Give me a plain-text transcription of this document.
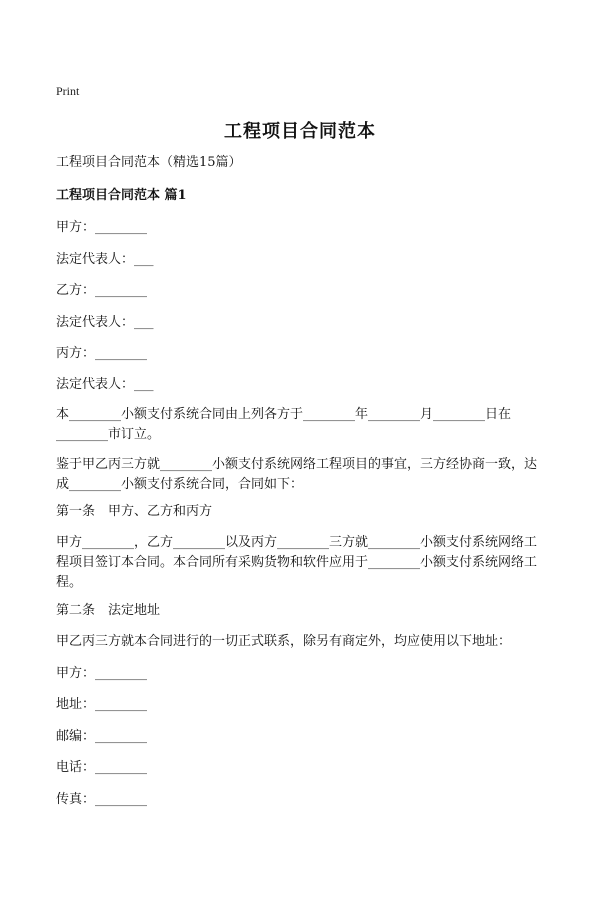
Print
工程项目合同范本
工程项目合同范本（精选15篇）
工程项目合同范本 篇1
甲方：________
法定代表人：___
乙方：________
法定代表人：___
丙方：________
法定代表人：___
本________小额支付系统合同由上列各方于________年________月________日在________市订立。
鉴于甲乙丙三方就________小额支付系统网络工程项目的事宜，三方经协商一致，达成________小额支付系统合同，合同如下：
第一条　甲方、乙方和丙方
甲方________，乙方________以及丙方________三方就________小额支付系统网络工程项目签订本合同。本合同所有采购货物和软件应用于________小额支付系统网络工程。
第二条　法定地址
甲乙丙三方就本合同进行的一切正式联系，除另有商定外，均应使用以下地址：
甲方：________
地址：________
邮编：________
电话：________
传真：________
